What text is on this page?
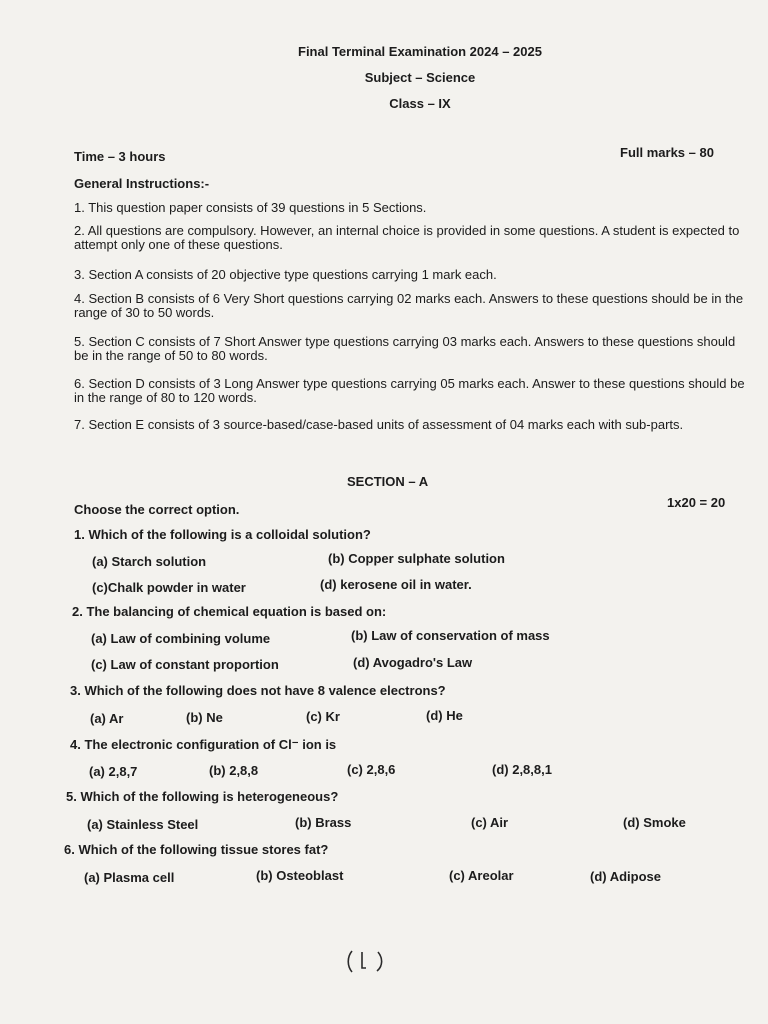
Final Terminal Examination 2024 – 2025
Subject – Science
Class – IX
Time – 3 hours	Full marks – 80
General Instructions:-
1. This question paper consists of 39 questions in 5 Sections.
2. All questions are compulsory. However, an internal choice is provided in some questions. A student is expected to attempt only one of these questions.
3. Section A consists of 20 objective type questions carrying 1 mark each.
4. Section B consists of 6 Very Short questions carrying 02 marks each. Answers to these questions should be in the range of 30 to 50 words.
5. Section C consists of 7 Short Answer type questions carrying 03 marks each. Answers to these questions should be in the range of 50 to 80 words.
6. Section D consists of 3 Long Answer type questions carrying 05 marks each. Answer to these questions should be in the range of 80 to 120 words.
7. Section E consists of 3 source-based/case-based units of assessment of 04 marks each with sub-parts.
SECTION – A
Choose the correct option.	1x20 = 20
1. Which of the following is a colloidal solution?
(a) Starch solution	(b) Copper sulphate solution
(c)Chalk powder in water	(d) kerosene oil in water.
2. The balancing of chemical equation is based on:
(a) Law of combining volume	(b) Law of conservation of mass
(c) Law of constant proportion	(d) Avogadro's Law
3. Which of the following does not have 8 valence electrons?
(a) Ar	(b) Ne	(c) Kr	(d) He
4. The electronic configuration of Cl⁻ ion is
(a) 2,8,7	(b) 2,8,8	(c) 2,8,6	(d) 2,8,8,1
5. Which of the following is heterogeneous?
(a) Stainless Steel	(b) Brass	(c) Air	(d) Smoke
6. Which of the following tissue stores fat?
(a) Plasma cell	(b) Osteoblast	(c) Areolar	(d) Adipose
(1)
